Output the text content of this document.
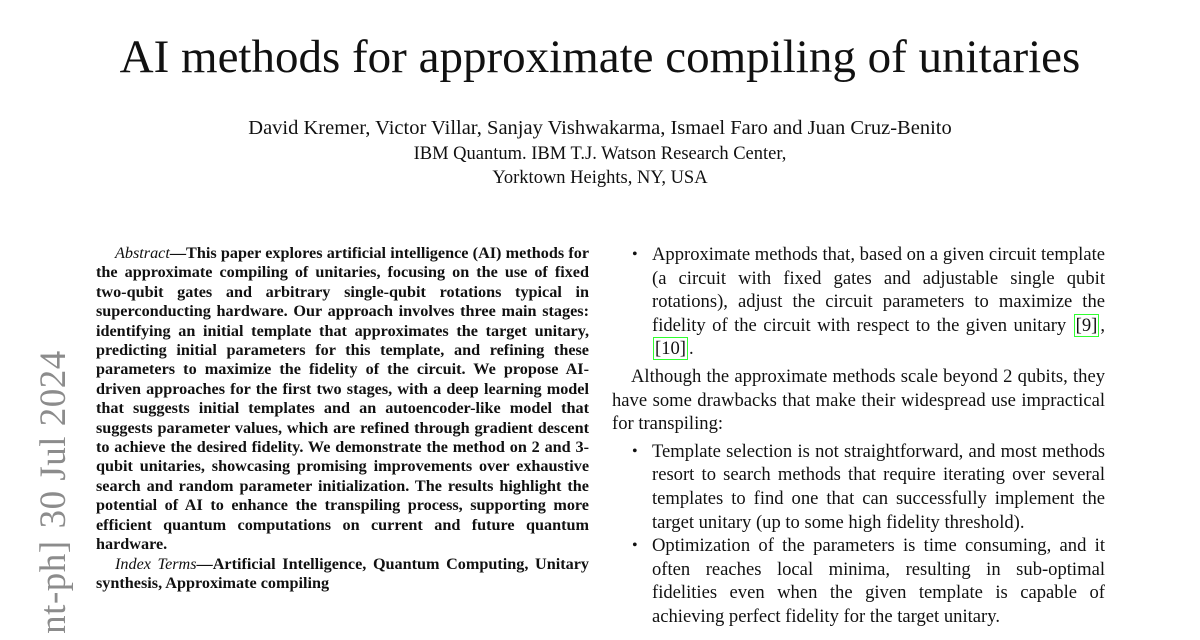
AI methods for approximate compiling of unitaries
David Kremer, Victor Villar, Sanjay Vishwakarma, Ismael Faro and Juan Cruz-Benito
IBM Quantum. IBM T.J. Watson Research Center,
Yorktown Heights, NY, USA
nt-ph]30 Jul 2024

Abstract—This paper explores artificial intelligence (AI) methods for the approximate compiling of unitaries, focusing on the use of fixed two-qubit gates and arbitrary single-qubit rotations typical in superconducting hardware. Our approach involves three main stages: identifying an initial template that approximates the target unitary, predicting initial parameters for this template, and refining these parameters to maximize the fidelity of the circuit. We propose AI-driven approaches for the first two stages, with a deep learning model that suggests initial templates and an autoencoder-like model that suggests parameter values, which are refined through gradient descent to achieve the desired fidelity. We demonstrate the method on 2 and 3-qubit unitaries, showcasing promising improvements over exhaustive search and random parameter initialization. The results highlight the potential of AI to enhance the transpiling process, supporting more efficient quantum computations on current and future quantum hardware.

Index Terms—Artificial Intelligence, Quantum Computing, Unitary synthesis, Approximate compiling

• Approximate methods that, based on a given circuit template (a circuit with fixed gates and adjustable single qubit rotations), adjust the circuit parameters to maximize the fidelity of the circuit with respect to the given unitary [9] , [10] .

Although the approximate methods scale beyond 2 qubits, they have some drawbacks that make their widespread use impractical for transpiling:

• Template selection is not straightforward, and most methods resort to search methods that require iterating over several templates to find one that can successfully implement the target unitary (up to some high fidelity threshold).
• Optimization of the parameters is time consuming, and it often reaches local minima, resulting in sub-optimal fidelities even when the given template is capable of achieving perfect fidelity for the target unitary.
